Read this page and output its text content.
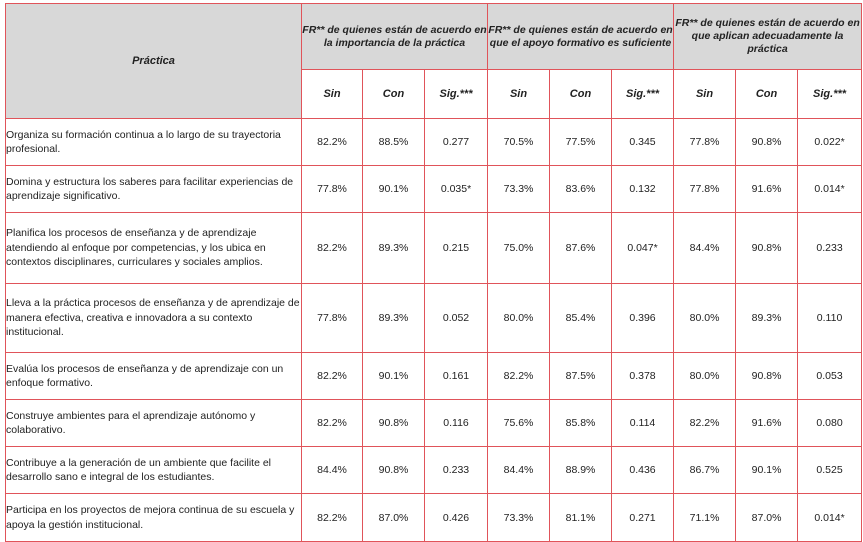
Práctica	FR** de quienes están de acuerdo en la importancia de la práctica			FR** de quienes están de acuerdo en que el apoyo formativo es suficiente			FR** de quienes están de acuerdo en que aplican adecuadamente la práctica		
	Sin	Con	Sig.***	Sin	Con	Sig.***	Sin	Con	Sig.***
Organiza su formación continua a lo largo de su trayectoria profesional.	82.2%	88.5%	0.277	70.5%	77.5%	0.345	77.8%	90.8%	0.022*
Domina y estructura los saberes para facilitar experiencias de aprendizaje significativo.	77.8%	90.1%	0.035*	73.3%	83.6%	0.132	77.8%	91.6%	0.014*
Planifica los procesos de enseñanza y de aprendizaje atendiendo al enfoque por competencias, y los ubica en contextos disciplinares, curriculares y sociales amplios.	82.2%	89.3%	0.215	75.0%	87.6%	0.047*	84.4%	90.8%	0.233
Lleva a la práctica procesos de enseñanza y de aprendizaje de manera efectiva, creativa e innovadora a su contexto institucional.	77.8%	89.3%	0.052	80.0%	85.4%	0.396	80.0%	89.3%	0.110
Evalúa los procesos de enseñanza y de aprendizaje con un enfoque formativo.	82.2%	90.1%	0.161	82.2%	87.5%	0.378	80.0%	90.8%	0.053
Construye ambientes para el aprendizaje autónomo y colaborativo.	82.2%	90.8%	0.116	75.6%	85.8%	0.114	82.2%	91.6%	0.080
Contribuye a la generación de un ambiente que facilite el desarrollo sano e integral de los estudiantes.	84.4%	90.8%	0.233	84.4%	88.9%	0.436	86.7%	90.1%	0.525
Participa en los proyectos de mejora continua de su escuela y apoya la gestión institucional.	82.2%	87.0%	0.426	73.3%	81.1%	0.271	71.1%	87.0%	0.014*
